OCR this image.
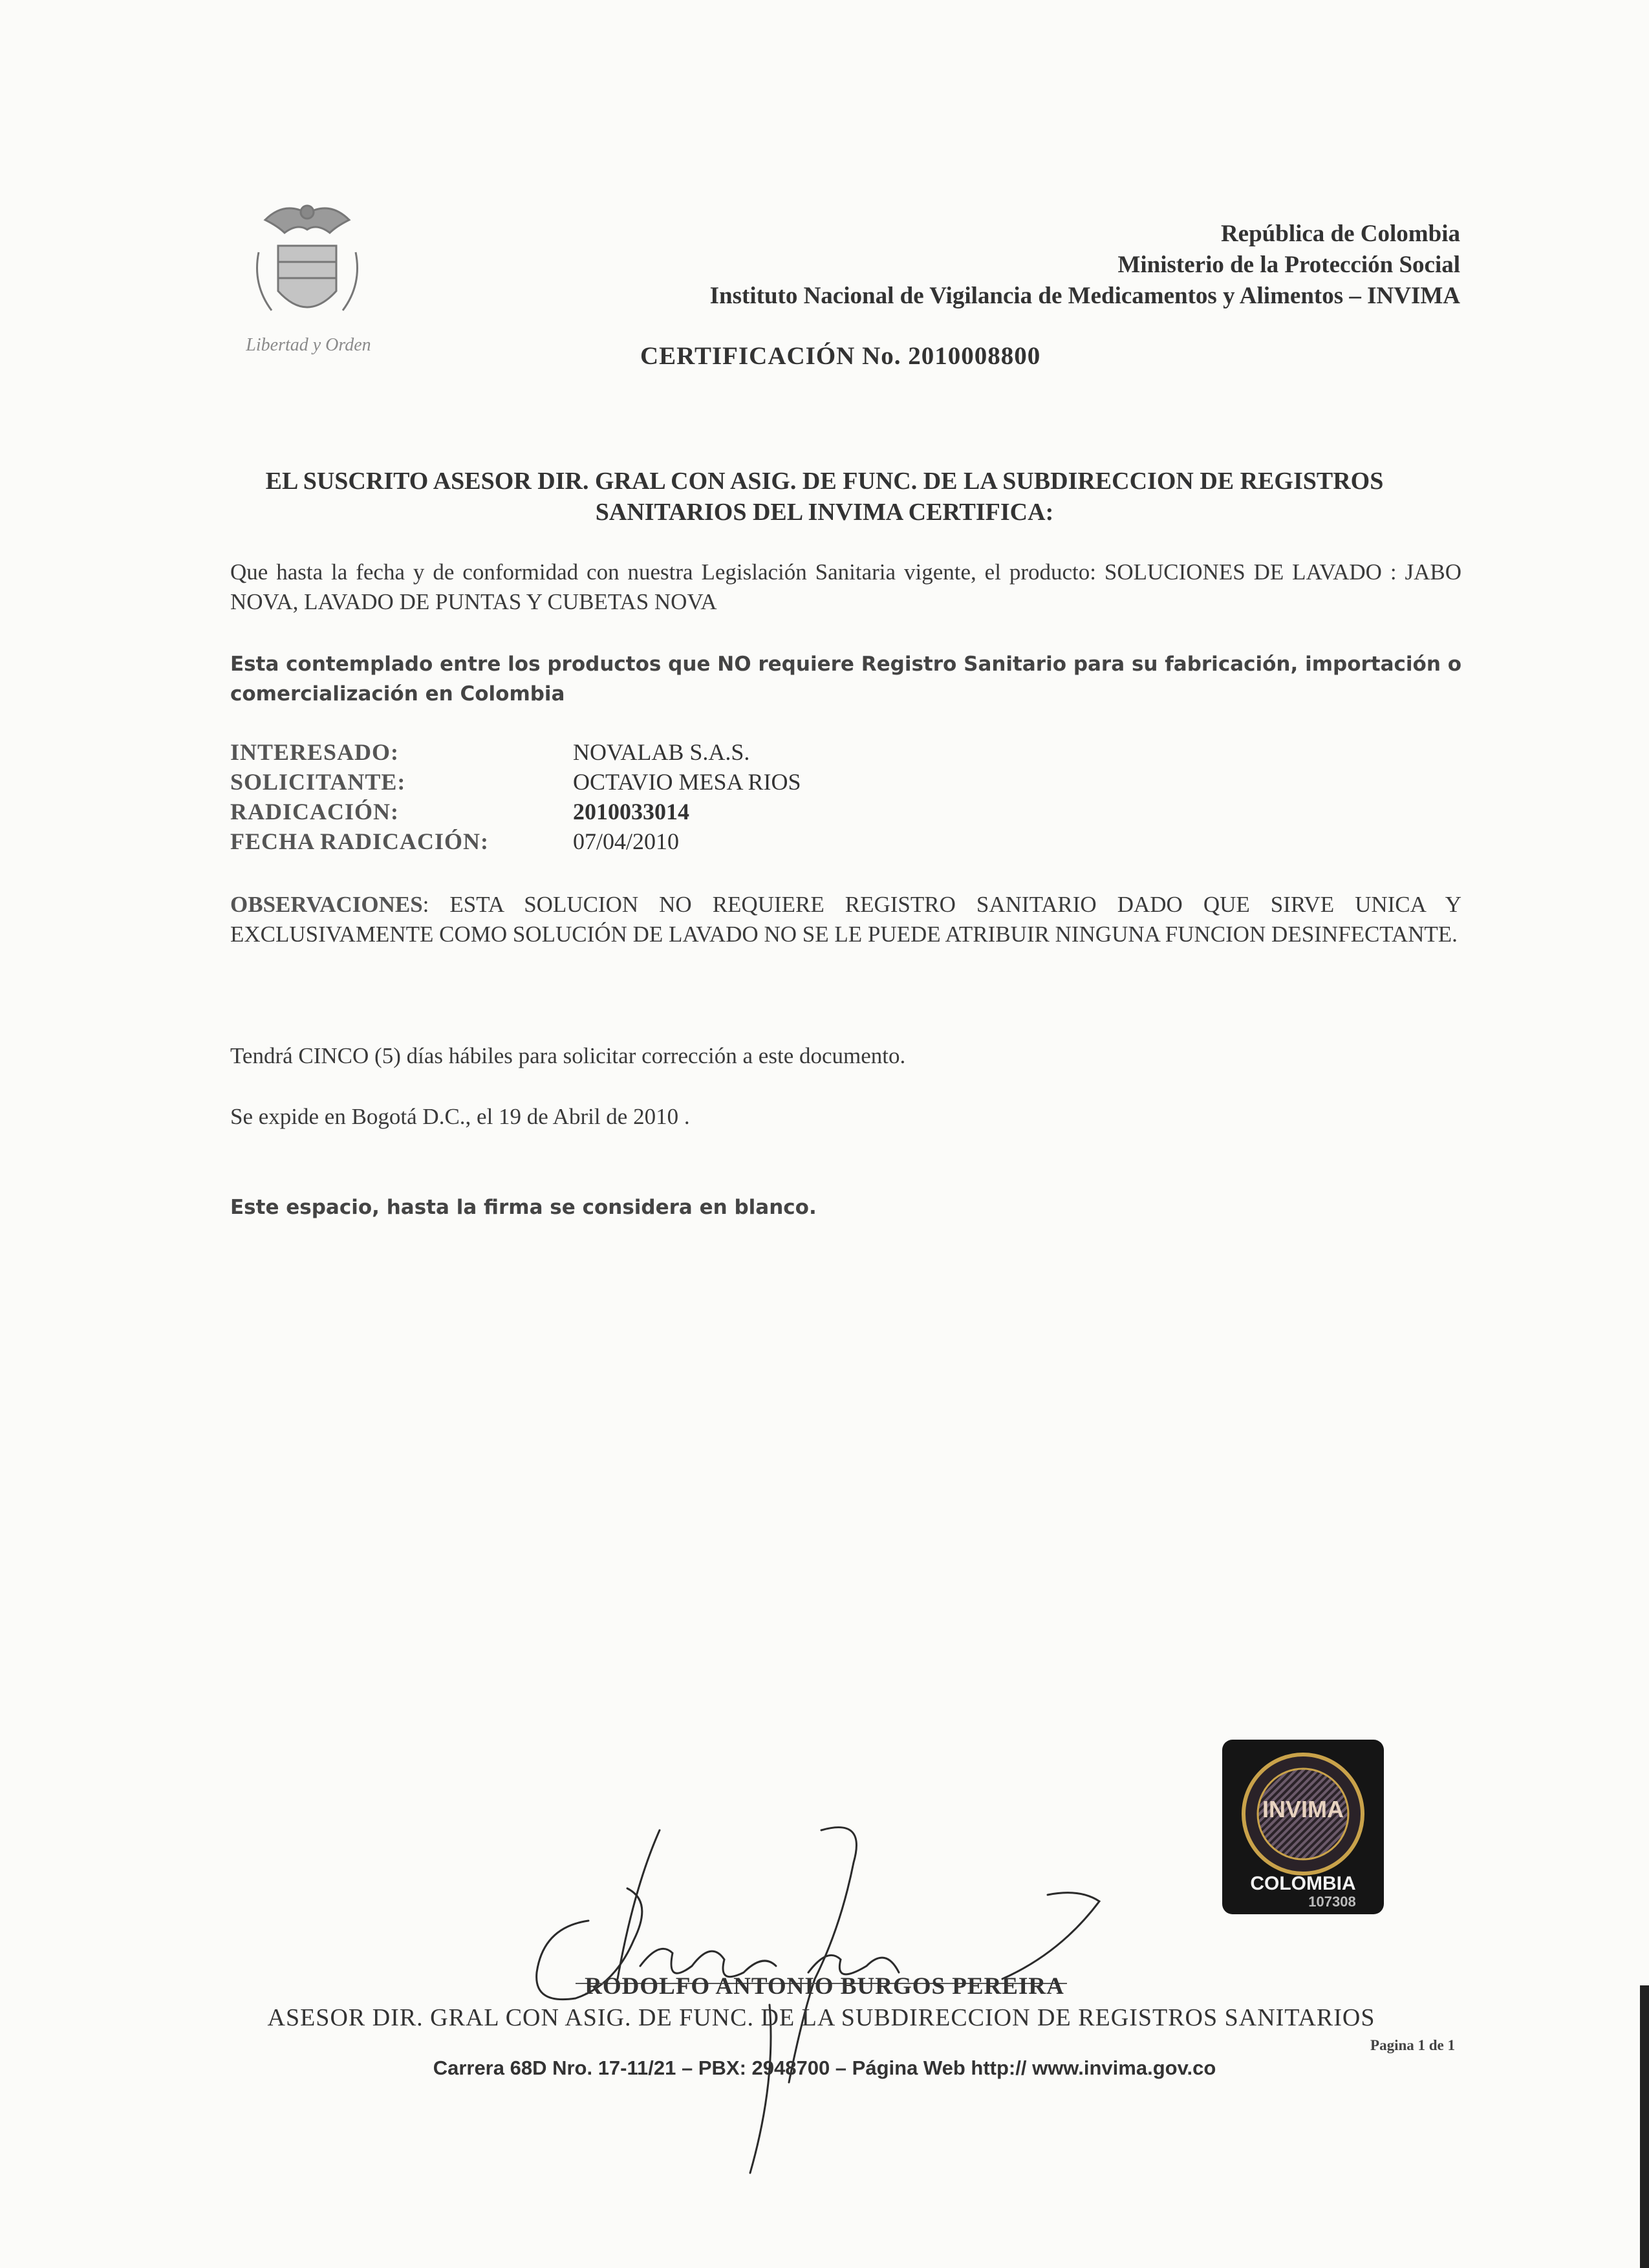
Libertad y Orden
República de Colombia
Ministerio de la Protección Social
Instituto Nacional de Vigilancia de Medicamentos y Alimentos – INVIMA
CERTIFICACIÓN No. 2010008800
EL SUSCRITO ASESOR DIR. GRAL CON ASIG. DE FUNC. DE LA SUBDIRECCION DE REGISTROS
SANITARIOS DEL INVIMA CERTIFICA:
Que hasta la fecha y de conformidad con nuestra Legislación Sanitaria vigente, el producto: SOLUCIONES DE LAVADO : JABO NOVA, LAVADO DE PUNTAS Y CUBETAS NOVA
Esta contemplado entre los productos que NO requiere Registro Sanitario para su fabricación, importación o comercialización en Colombia
INTERESADO:	NOVALAB S.A.S.
SOLICITANTE:	OCTAVIO MESA RIOS
RADICACIÓN:	2010033014
FECHA RADICACIÓN:	07/04/2010
OBSERVACIONES: ESTA SOLUCION NO REQUIERE REGISTRO SANITARIO DADO QUE SIRVE UNICA Y EXCLUSIVAMENTE COMO SOLUCIÓN DE LAVADO NO SE LE PUEDE ATRIBUIR NINGUNA FUNCION DESINFECTANTE.
Tendrá CINCO (5) días hábiles para solicitar corrección a este documento.
Se expide en Bogotá D.C., el 19 de Abril de 2010 .
Este espacio, hasta la firma se considera en blanco.
INVIMA
COLOMBIA
107308
RODOLFO ANTONIO BURGOS PEREIRA
ASESOR DIR. GRAL CON ASIG. DE FUNC. DE LA SUBDIRECCION DE REGISTROS SANITARIOS
Pagina 1 de 1
Carrera 68D Nro. 17-11/21 – PBX: 2948700 – Página Web http:// www.invima.gov.co
